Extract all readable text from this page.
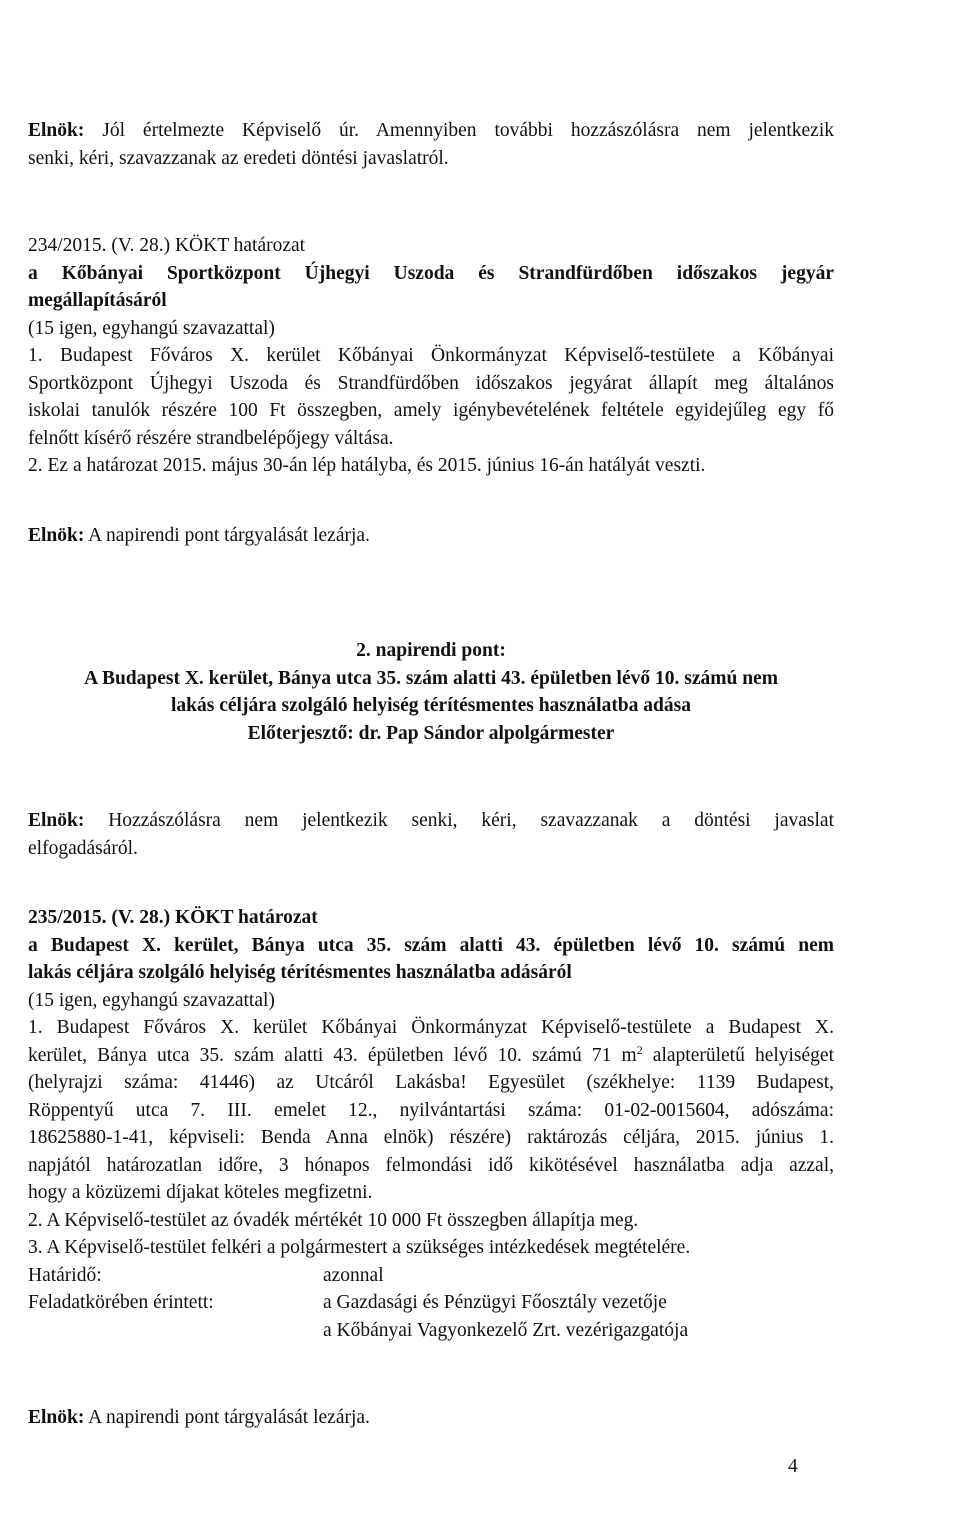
Elnök: Jól értelmezte Képviselő úr. Amennyiben további hozzászólásra nem jelentkezik

senki, kéri, szavazzanak az eredeti döntési javaslatról.

234/2015. (V. 28.) KÖKT határozat

a Kőbányai Sportközpont Újhegyi Uszoda és Strandfürdőben időszakos jegyár

megállapításáról

(15 igen, egyhangú szavazattal)

1. Budapest Főváros X. kerület Kőbányai Önkormányzat Képviselő-testülete a Kőbányai

Sportközpont Újhegyi Uszoda és Strandfürdőben időszakos jegyárat állapít meg általános

iskolai tanulók részére 100 Ft összegben, amely igénybevételének feltétele egyidejűleg egy fő

felnőtt kísérő részére strandbelépőjegy váltása.

2. Ez a határozat 2015. május 30-án lép hatályba, és 2015. június 16-án hatályát veszti.

Elnök: A napirendi pont tárgyalását lezárja.

2. napirendi pont:

A Budapest X. kerület, Bánya utca 35. szám alatti 43. épületben lévő 10. számú nem

lakás céljára szolgáló helyiség térítésmentes használatba adása

Előterjesztő: dr. Pap Sándor alpolgármester

Elnök: Hozzászólásra nem jelentkezik senki, kéri, szavazzanak a döntési javaslat

elfogadásáról.

235/2015. (V. 28.) KÖKT határozat

a Budapest X. kerület, Bánya utca 35. szám alatti 43. épületben lévő 10. számú nem

lakás céljára szolgáló helyiség térítésmentes használatba adásáról

(15 igen, egyhangú szavazattal)

1. Budapest Főváros X. kerület Kőbányai Önkormányzat Képviselő-testülete a Budapest X.

kerület, Bánya utca 35. szám alatti 43. épületben lévő 10. számú 71 $m^2$ alapterületű helyiséget

(helyrajzi száma: 41446) az Utcáról Lakásba! Egyesület (székhelye: 1139 Budapest,

Röppentyű utca 7. III. emelet 12., nyilvántartási száma: 01-02-0015604, adószáma:

18625880-1-41, képviseli: Benda Anna elnök) részére) raktározás céljára, 2015. június 1.

napjától határozatlan időre, 3 hónapos felmondási idő kikötésével használatba adja azzal,

hogy a közüzemi díjakat köteles megfizetni.

2. A Képviselő-testület az óvadék mértékét 10 000 Ft összegben állapítja meg.

3. A Képviselő-testület felkéri a polgármestert a szükséges intézkedések megtételére.

Határidő:	azonnal
Feladatkörében érintett:	a Gazdasági és Pénzügyi Főosztály vezetője
a Kőbányai Vagyonkezelő Zrt. vezérigazgatója

Elnök: A napirendi pont tárgyalását lezárja.

4
